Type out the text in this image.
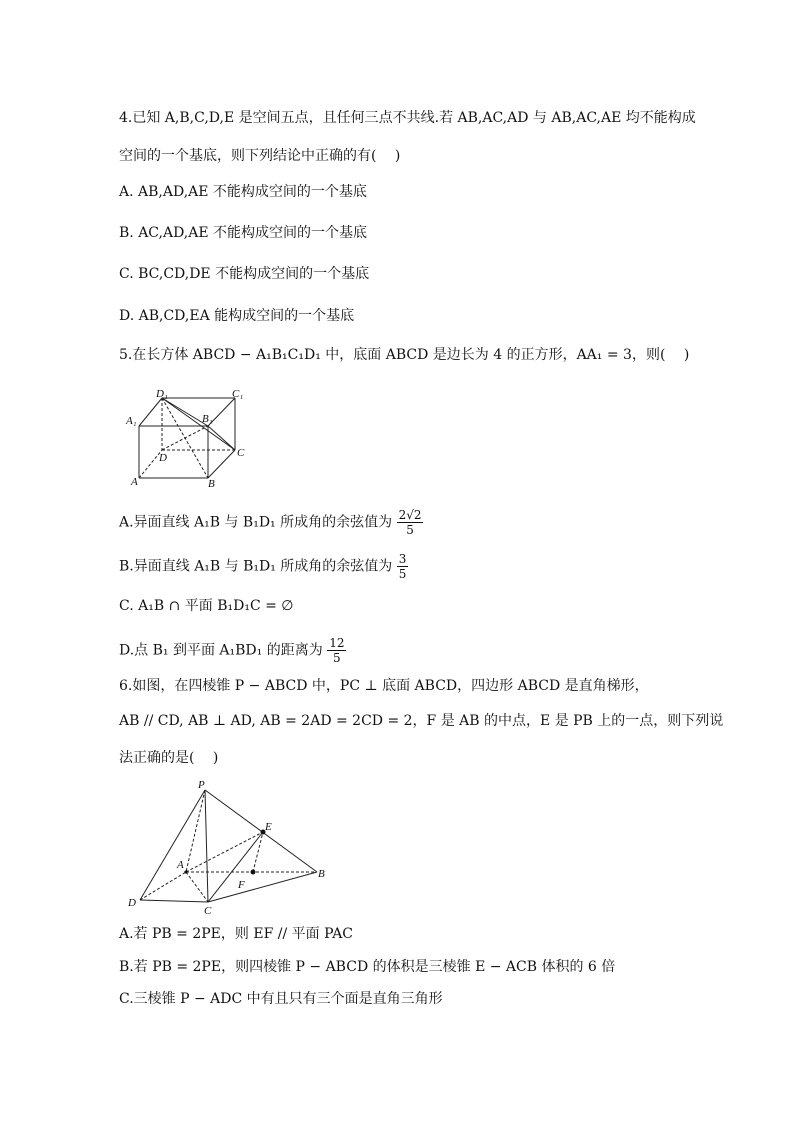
4.已知 A,B,C,D,E 是空间五点，且任何三点不共线.若 AB,AC,AD 与 AB,AC,AE 均不能构成
空间的一个基底，则下列结论中正确的有(　 )
A. AB,AD,AE 不能构成空间的一个基底
B. AC,AD,AE 不能构成空间的一个基底
C. BC,CD,DE 不能构成空间的一个基底
D. AB,CD,EA 能构成空间的一个基底
5.在长方体 ABCD − A₁B₁C₁D₁ 中，底面 ABCD 是边长为 4 的正方形，AA₁ = 3，则(　 )
D₁	C₁
A₁	B₁
D	C
A	B
A.异面直线 A₁B 与 B₁D₁ 所成角的余弦值为 $\frac{2√2}{5}$
B.异面直线 A₁B 与 B₁D₁ 所成角的余弦值为 $\frac{3}{5}$
C. A₁B ∩ 平面 B₁D₁C = ∅
D.点 B₁ 到平面 A₁BD₁ 的距离为 $\frac{12}{5}$
6.如图，在四棱锥 P − ABCD 中，PC ⊥ 底面 ABCD，四边形 ABCD 是直角梯形，
AB // CD, AB ⊥ AD, AB = 2AD = 2CD = 2，F 是 AB 的中点，E 是 PB 上的一点，则下列说
法正确的是(　 )
P
E
A
F
B
D
C
A.若 PB = 2PE，则 EF // 平面 PAC
B.若 PB = 2PE，则四棱锥 P − ABCD 的体积是三棱锥 E − ACB 体积的 6 倍
C.三棱锥 P − ADC 中有且只有三个面是直角三角形
